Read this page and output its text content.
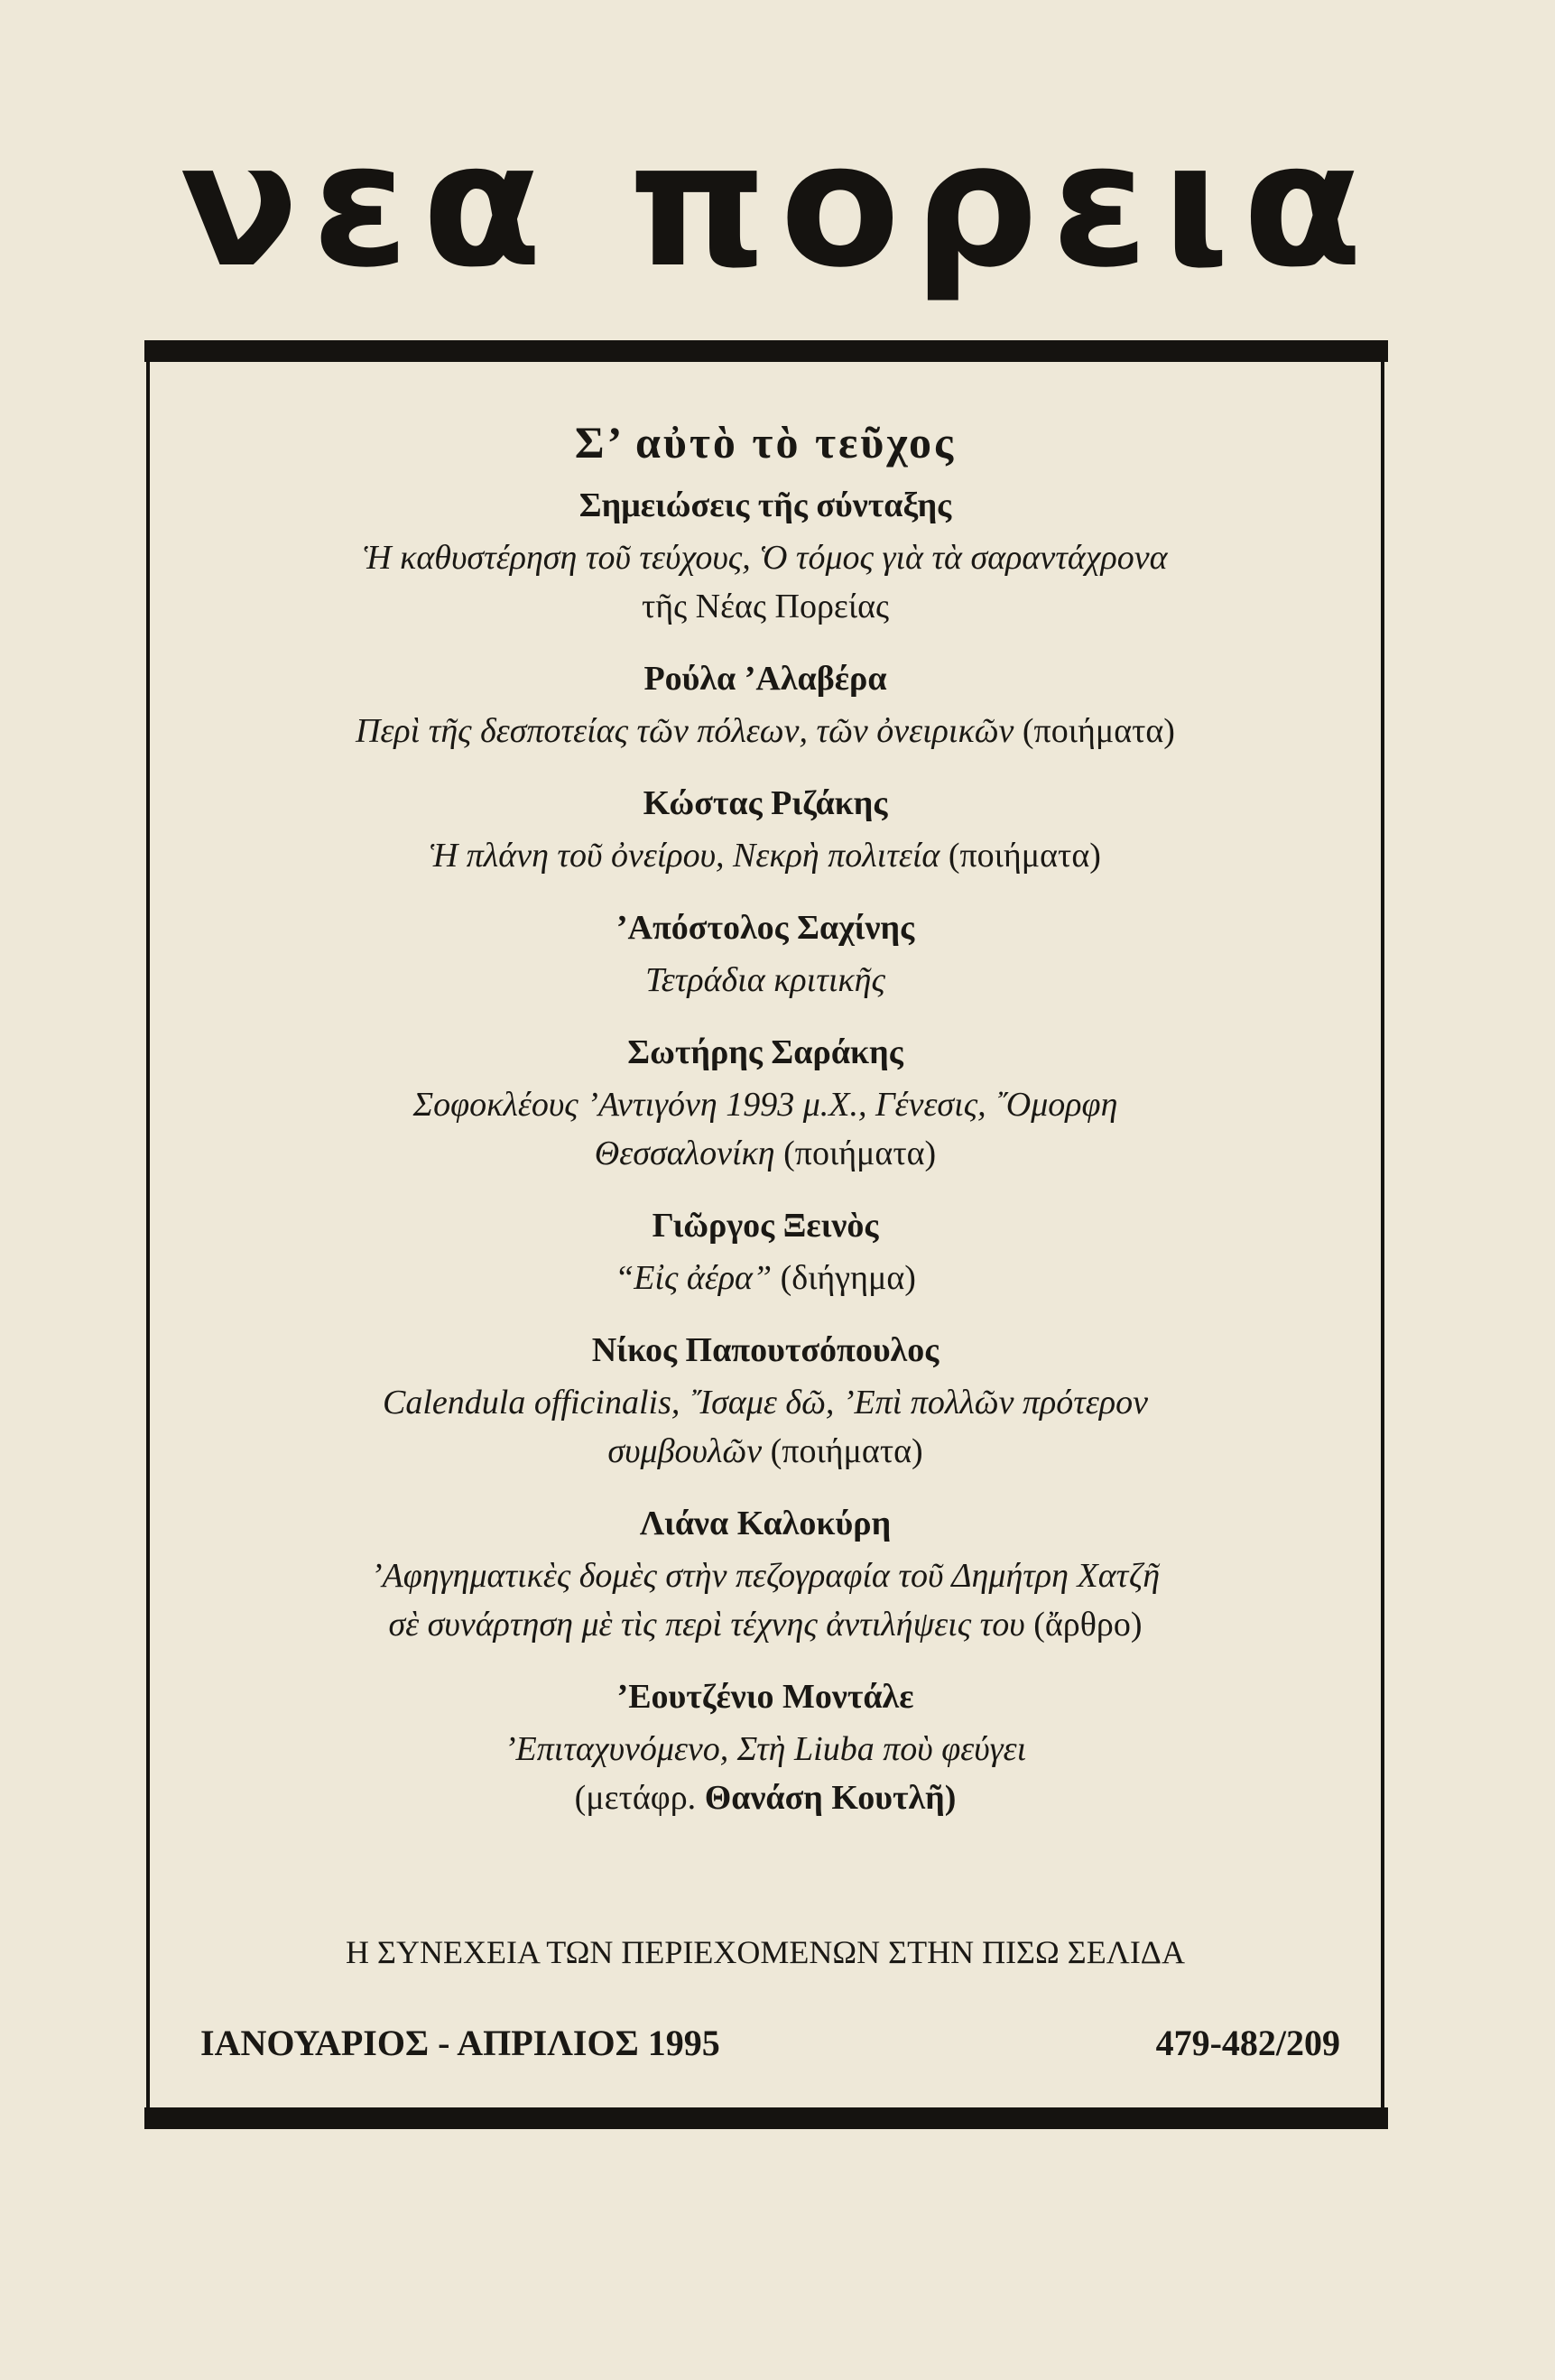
νεα πορεια
Σ’ αὐτὸ τὸ τεῦχος
Σημειώσεις τῆς σύνταξης
Ἡ καθυστέρηση τοῦ τεύχους, Ὁ τόμος γιὰ τὰ σαραντάχρονα
τῆς Νέας Πορείας
Ρούλα ’Αλαβέρα
Περὶ τῆς δεσποτείας τῶν πόλεων, τῶν ὀνειρικῶν (ποιήματα)
Κώστας Ριζάκης
Ἡ πλάνη τοῦ ὀνείρου, Νεκρὴ πολιτεία (ποιήματα)
’Απόστολος Σαχίνης
Τετράδια κριτικῆς
Σωτήρης Σαράκης
Σοφοκλέους ’Αντιγόνη 1993 μ.Χ., Γένεσις, ῎Ομορφη
Θεσσαλονίκη (ποιήματα)
Γιῶργος Ξεινὸς
“Εἰς ἀέρα” (διήγημα)
Νίκος Παπουτσόπουλος
Calendula officinalis, ῎Ισαμε δῶ, ’Επὶ πολλῶν πρότερον
συμβουλῶν (ποιήματα)
Λιάνα Καλοκύρη
’Αφηγηματικὲς δομὲς στὴν πεζογραφία τοῦ Δημήτρη Χατζῆ
σὲ συνάρτηση μὲ τὶς περὶ τέχνης ἀντιλήψεις του (ἄρθρο)
’Εουτζένιο Μοντάλε
’Επιταχυνόμενο, Στὴ Liuba ποὺ φεύγει
(μετάφρ. Θανάση Κουτλῆ)
Η ΣΥΝΕΧΕΙΑ ΤΩΝ ΠΕΡΙΕΧΟΜΕΝΩΝ ΣΤΗΝ ΠΙΣΩ ΣΕΛΙΔΑ
ΙΑΝΟΥΑΡΙΟΣ - ΑΠΡΙΛΙΟΣ 1995	479-482/209
